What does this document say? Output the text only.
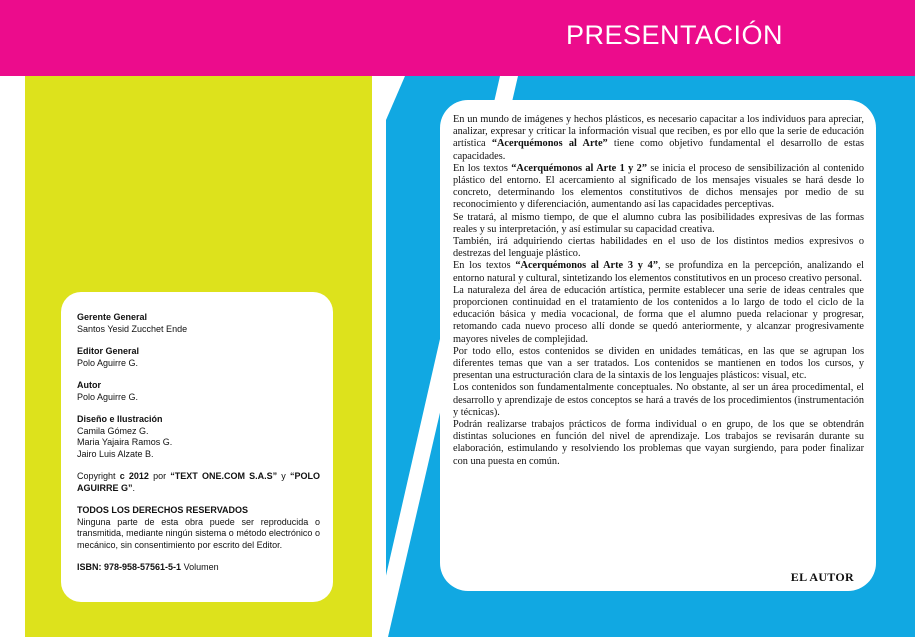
PRESENTACIÓN
Gerente General
Santos Yesid Zucchet Ende
Editor General
Polo Aguirre G.
Autor
Polo Aguirre G.
Diseño e Ilustración
Camila Gómez G.
Maria Yajaira Ramos G.
Jairo Luis Alzate B.
Copyright c 2012 por “TEXT ONE.COM S.A.S” y “POLO AGUIRRE G”.
TODOS LOS DERECHOS RESERVADOS
Ninguna parte de esta obra puede ser reproducida o transmitida, mediante ningún sistema o método electrónico o mecánico, sin consentimiento por escrito del Editor.
ISBN: 978-958-57561-5-1 Volumen

En un mundo de imágenes y hechos plásticos, es necesario capacitar a los individuos para apreciar, analizar, expresar y criticar la información visual que reciben, es por ello que la serie de educación artística “Acerquémonos al Arte” tiene como objetivo fundamental el desarrollo de estas capacidades.

En los textos “Acerquémonos al Arte 1 y 2” se inicia el proceso de sensibilización al contenido plástico del entorno. El acercamiento al significado de los mensajes visuales se hará desde lo concreto, determinando los elementos constitutivos de dichos mensajes por medio de su reconocimiento y diferenciación, aumentando así las capacidades perceptivas.

Se tratará, al mismo tiempo, de que el alumno cubra las posibilidades expresivas de las formas reales y su interpretación, y así estimular su capacidad creativa.

También, irá adquiriendo ciertas habilidades en el uso de los distintos medios expresivos o destrezas del lenguaje plástico.

En los textos “Acerquémonos al Arte 3 y 4”, se profundiza en la percepción, analizando el entorno natural y cultural, sintetizando los elementos constitutivos en un proceso creativo personal.

La naturaleza del área de educación artística, permite establecer una serie de ideas centrales que proporcionen continuidad en el tratamiento de los contenidos a lo largo de todo el ciclo de la educación básica y media vocacional, de forma que el alumno pueda relacionar y progresar, retomando cada nuevo proceso allí donde se quedó anteriormente, y alcanzar progresivamente mayores niveles de complejidad.

Por todo ello, estos contenidos se dividen en unidades temáticas, en las que se agrupan los diferentes temas que van a ser tratados. Los contenidos se mantienen en todos los cursos, y presentan una estructuración clara de la sintaxis de los lenguajes plásticos: visual, etc.

Los contenidos son fundamentalmente conceptuales. No obstante, al ser un área procedimental, el desarrollo y aprendizaje de estos conceptos se hará a través de los procedimientos (instrumentación y técnicas).

Podrán realizarse trabajos prácticos de forma individual o en grupo, de los que se obtendrán distintas soluciones en función del nivel de aprendizaje. Los trabajos se revisarán durante su elaboración, estimulando y resolviendo los problemas que vayan surgiendo, para poder finalizar con una puesta en común.

EL AUTOR
